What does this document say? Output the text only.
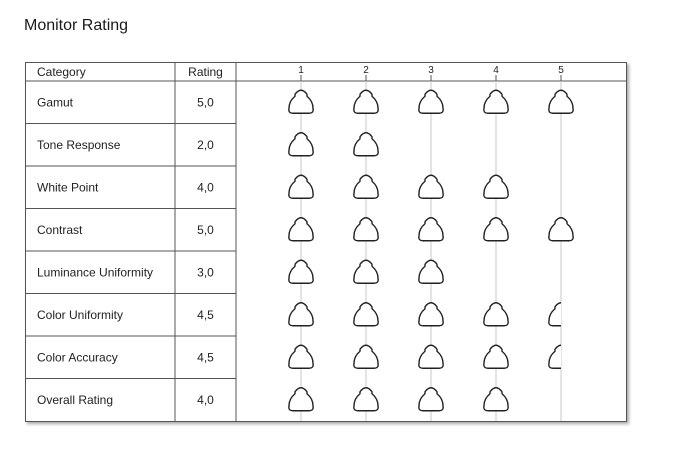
Monitor Rating
Category	Rating	1	2	3	4	5
Gamut	5,0
Tone Response	2,0
White Point	4,0
Contrast	5,0
Luminance Uniformity	3,0
Color Uniformity	4,5
Color Accuracy	4,5
Overall Rating	4,0
